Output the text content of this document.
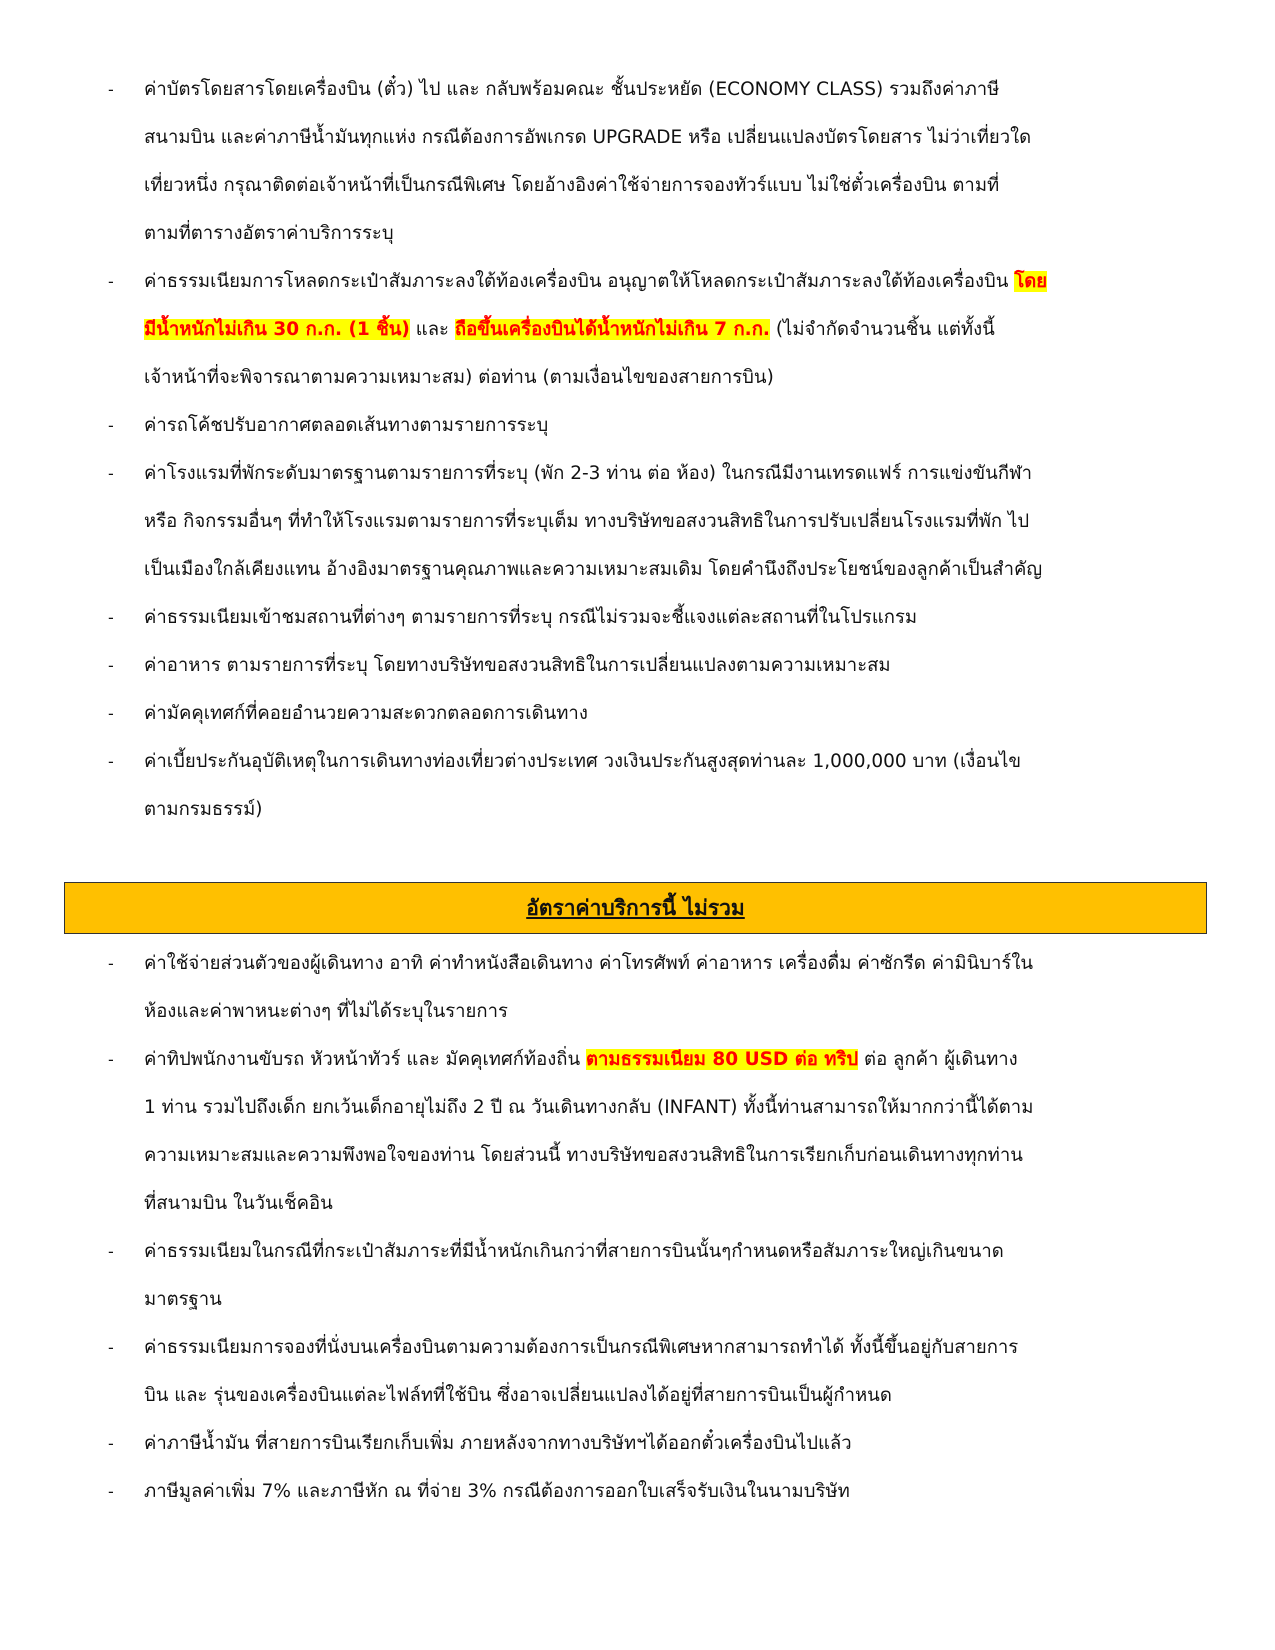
- ค่าบัตรโดยสารโดยเครื่องบิน (ตั๋ว) ไป และ กลับพร้อมคณะ ชั้นประหยัด (ECONOMY CLASS) รวมถึงค่าภาษี
สนามบิน และค่าภาษีน้ำมันทุกแห่ง กรณีต้องการอัพเกรด UPGRADE หรือ เปลี่ยนแปลงบัตรโดยสาร ไม่ว่าเที่ยวใด
เที่ยวหนึ่ง กรุณาติดต่อเจ้าหน้าที่เป็นกรณีพิเศษ โดยอ้างอิงค่าใช้จ่ายการจองทัวร์แบบ ไม่ใช่ตั๋วเครื่องบิน ตามที่
ตามที่ตารางอัตราค่าบริการระบุ
- ค่าธรรมเนียมการโหลดกระเป๋าสัมภาระลงใต้ท้องเครื่องบิน อนุญาตให้โหลดกระเป๋าสัมภาระลงใต้ท้องเครื่องบิน โดย
มีน้ำหนักไม่เกิน 30 ก.ก. (1 ชิ้น) และ ถือขึ้นเครื่องบินได้น้ำหนักไม่เกิน 7 ก.ก. (ไม่จำกัดจำนวนชิ้น แต่ทั้งนี้
เจ้าหน้าที่จะพิจารณาตามความเหมาะสม) ต่อท่าน (ตามเงื่อนไขของสายการบิน)
- ค่ารถโค้ชปรับอากาศตลอดเส้นทางตามรายการระบุ
- ค่าโรงแรมที่พักระดับมาตรฐานตามรายการที่ระบุ (พัก 2-3 ท่าน ต่อ ห้อง) ในกรณีมีงานเทรดแฟร์ การแข่งขันกีฬา
หรือ กิจกรรมอื่นๆ ที่ทำให้โรงแรมตามรายการที่ระบุเต็ม ทางบริษัทขอสงวนสิทธิในการปรับเปลี่ยนโรงแรมที่พัก ไป
เป็นเมืองใกล้เคียงแทน อ้างอิงมาตรฐานคุณภาพและความเหมาะสมเดิม โดยคำนึงถึงประโยชน์ของลูกค้าเป็นสำคัญ
- ค่าธรรมเนียมเข้าชมสถานที่ต่างๆ ตามรายการที่ระบุ กรณีไม่รวมจะชี้แจงแต่ละสถานที่ในโปรแกรม
- ค่าอาหาร ตามรายการที่ระบุ โดยทางบริษัทขอสงวนสิทธิในการเปลี่ยนแปลงตามความเหมาะสม
- ค่ามัคคุเทศก์ที่คอยอำนวยความสะดวกตลอดการเดินทาง
- ค่าเบี้ยประกันอุบัติเหตุในการเดินทางท่องเที่ยวต่างประเทศ วงเงินประกันสูงสุดท่านละ 1,000,000 บาท (เงื่อนไข
ตามกรมธรรม์)
อัตราค่าบริการนี้ ไม่รวม
- ค่าใช้จ่ายส่วนตัวของผู้เดินทาง อาทิ ค่าทำหนังสือเดินทาง ค่าโทรศัพท์ ค่าอาหาร เครื่องดื่ม ค่าซักรีด ค่ามินิบาร์ใน
ห้องและค่าพาหนะต่างๆ ที่ไม่ได้ระบุในรายการ
- ค่าทิปพนักงานขับรถ หัวหน้าทัวร์ และ มัคคุเทศก์ท้องถิ่น ตามธรรมเนียม 80 USD ต่อ ทริป ต่อ ลูกค้า ผู้เดินทาง
1 ท่าน รวมไปถึงเด็ก ยกเว้นเด็กอายุไม่ถึง 2 ปี ณ วันเดินทางกลับ (INFANT) ทั้งนี้ท่านสามารถให้มากกว่านี้ได้ตาม
ความเหมาะสมและความพึงพอใจของท่าน โดยส่วนนี้ ทางบริษัทขอสงวนสิทธิในการเรียกเก็บก่อนเดินทางทุกท่าน
ที่สนามบิน ในวันเช็คอิน
- ค่าธรรมเนียมในกรณีที่กระเป๋าสัมภาระที่มีน้ำหนักเกินกว่าที่สายการบินนั้นๆกำหนดหรือสัมภาระใหญ่เกินขนาด
มาตรฐาน
- ค่าธรรมเนียมการจองที่นั่งบนเครื่องบินตามความต้องการเป็นกรณีพิเศษหากสามารถทำได้ ทั้งนี้ขึ้นอยู่กับสายการ
บิน และ รุ่นของเครื่องบินแต่ละไฟล์ทที่ใช้บิน ซึ่งอาจเปลี่ยนแปลงได้อยู่ที่สายการบินเป็นผู้กำหนด
- ค่าภาษีน้ำมัน ที่สายการบินเรียกเก็บเพิ่ม ภายหลังจากทางบริษัทฯได้ออกตั๋วเครื่องบินไปแล้ว
- ภาษีมูลค่าเพิ่ม 7% และภาษีหัก ณ ที่จ่าย 3% กรณีต้องการออกใบเสร็จรับเงินในนามบริษัท
